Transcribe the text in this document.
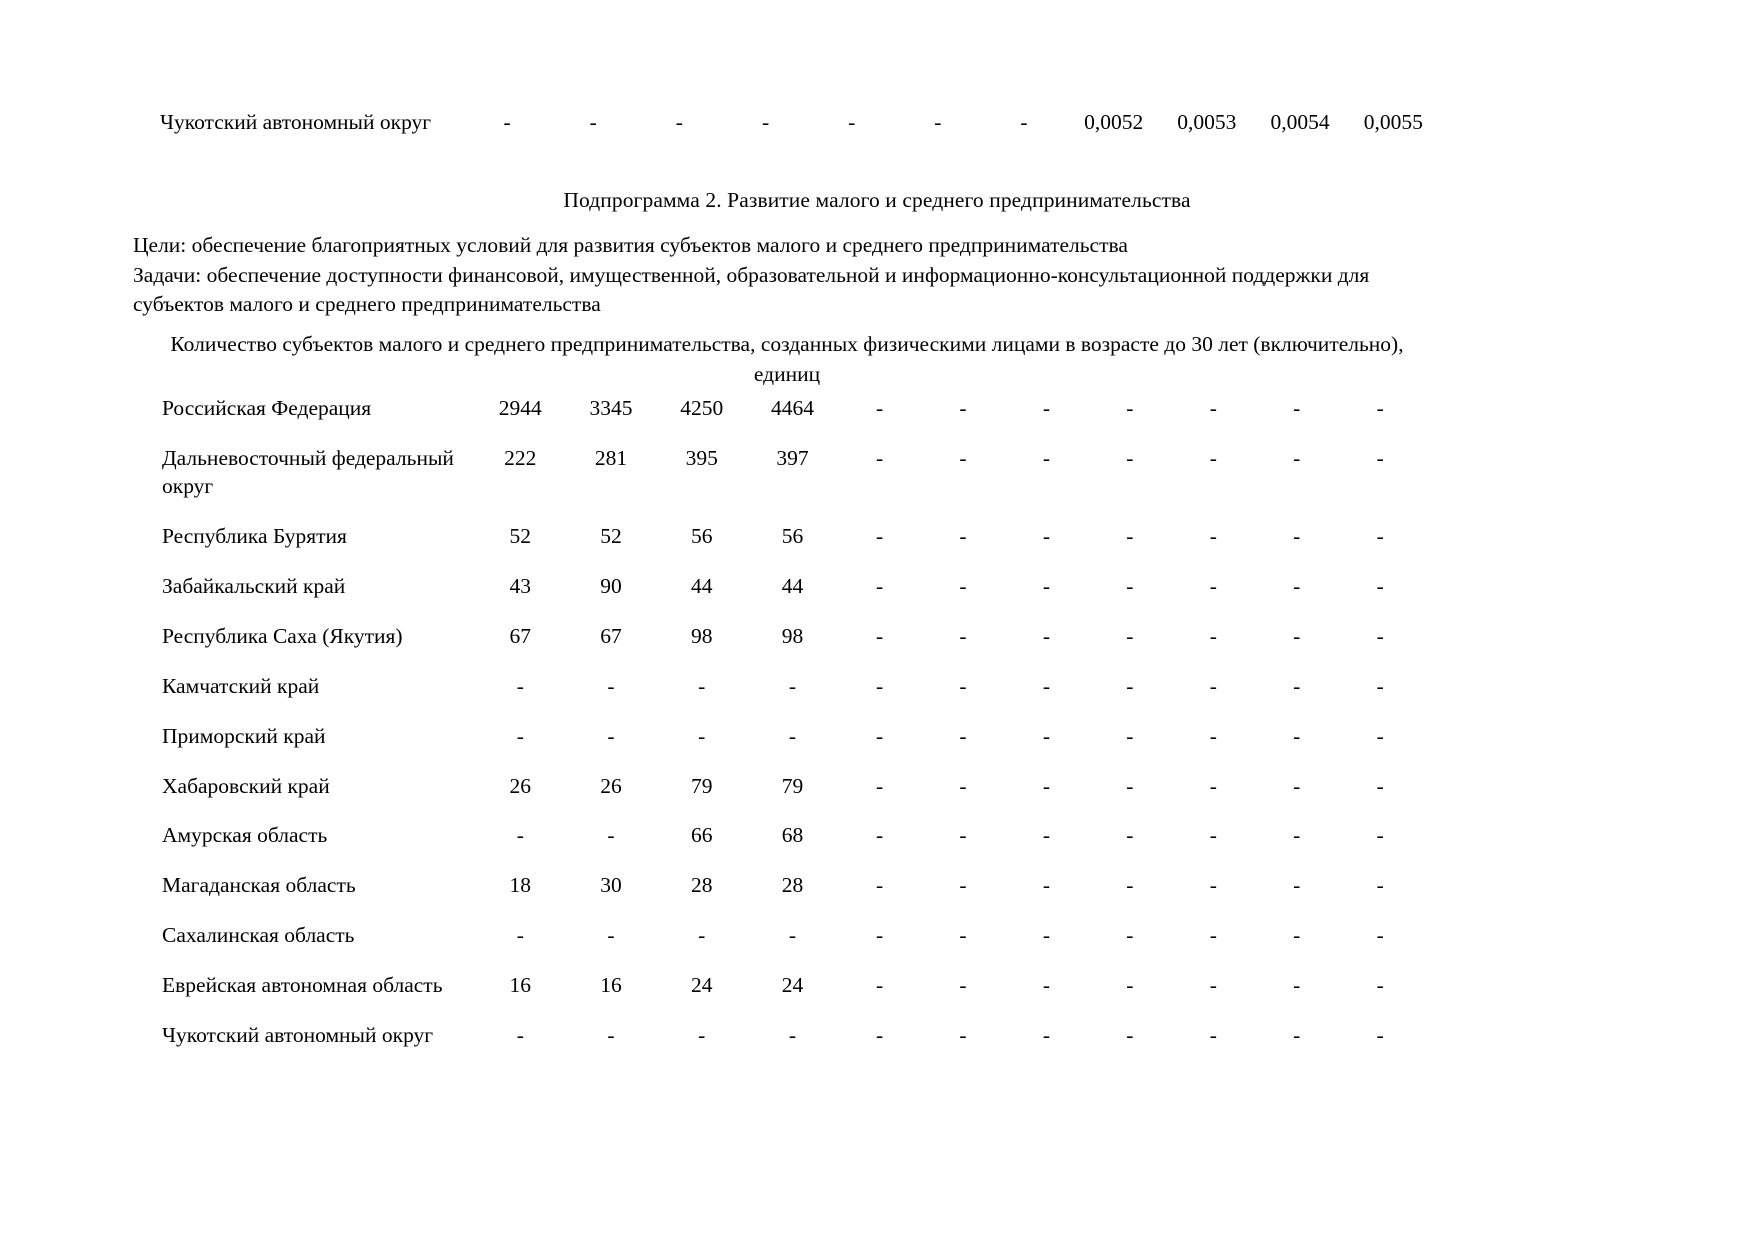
Чукотский автономный округ	-	-	-	-	-	-	-	0,0052	0,0053	0,0054	0,0055
Подпрограмма 2. Развитие малого и среднего предпринимательства

Цели: обеспечение благоприятных условий для развития субъектов малого и среднего предпринимательства

Задачи: обеспечение доступности финансовой, имущественной, образовательной и информационно-консультационной поддержки для

субъектов малого и среднего предпринимательства

Количество субъектов малого и среднего предпринимательства, созданных физическими лицами в возрасте до 30 лет (включительно),
единиц
Российская Федерация	2944	3345	4250	4464	-	-	-	-	-	-	-
Дальневосточный федеральный округ	222	281	395	397	-	-	-	-	-	-	-
Республика Бурятия	52	52	56	56	-	-	-	-	-	-	-
Забайкальский край	43	90	44	44	-	-	-	-	-	-	-
Республика Саха (Якутия)	67	67	98	98	-	-	-	-	-	-	-
Камчатский край	-	-	-	-	-	-	-	-	-	-	-
Приморский край	-	-	-	-	-	-	-	-	-	-	-
Хабаровский край	26	26	79	79	-	-	-	-	-	-	-
Амурская область	-	-	66	68	-	-	-	-	-	-	-
Магаданская область	18	30	28	28	-	-	-	-	-	-	-
Сахалинская область	-	-	-	-	-	-	-	-	-	-	-
Еврейская автономная область	16	16	24	24	-	-	-	-	-	-	-
Чукотский автономный округ	-	-	-	-	-	-	-	-	-	-	-
